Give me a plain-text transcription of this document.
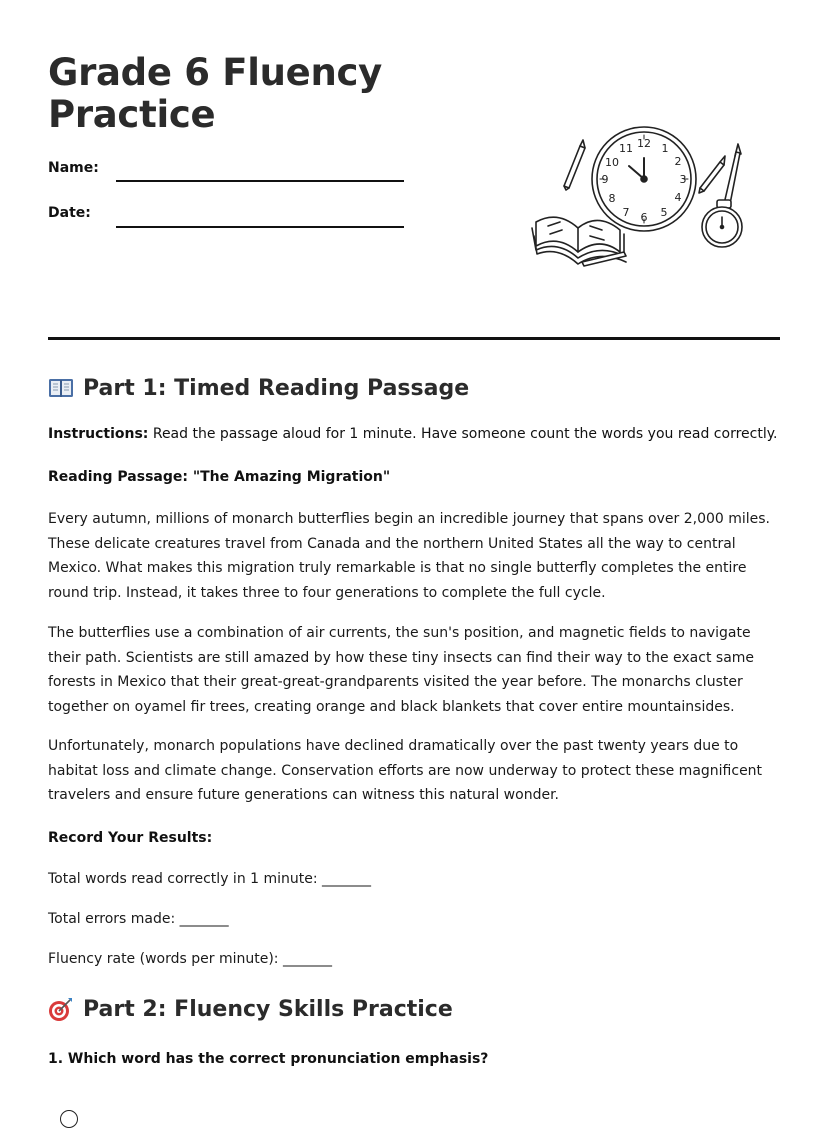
Grade 6 Fluency
Practice
Name:
Date:
12 1
2
3
4
5
6
7
8
9
10
11
Part 1: Timed Reading Passage

Instructions: Read the passage aloud for 1 minute. Have someone count the words you read correctly.

Reading Passage: "The Amazing Migration"

Every autumn, millions of monarch butterflies begin an incredible journey that spans over 2,000 miles. These delicate creatures travel from Canada and the northern United States all the way to central Mexico. What makes this migration truly remarkable is that no single butterfly completes the entire round trip. Instead, it takes three to four generations to complete the full cycle.

The butterflies use a combination of air currents, the sun's position, and magnetic fields to navigate their path. Scientists are still amazed by how these tiny insects can find their way to the exact same forests in Mexico that their great-great-grandparents visited the year before. The monarchs cluster together on oyamel fir trees, creating orange and black blankets that cover entire mountainsides.

Unfortunately, monarch populations have declined dramatically over the past twenty years due to habitat loss and climate change. Conservation efforts are now underway to protect these magnificent travelers and ensure future generations can witness this natural wonder.

Record Your Results:

Total words read correctly in 1 minute: _______

Total errors made: _______

Fluency rate (words per minute): _______

Part 2: Fluency Skills Practice

1. Which word has the correct pronunciation emphasis?
